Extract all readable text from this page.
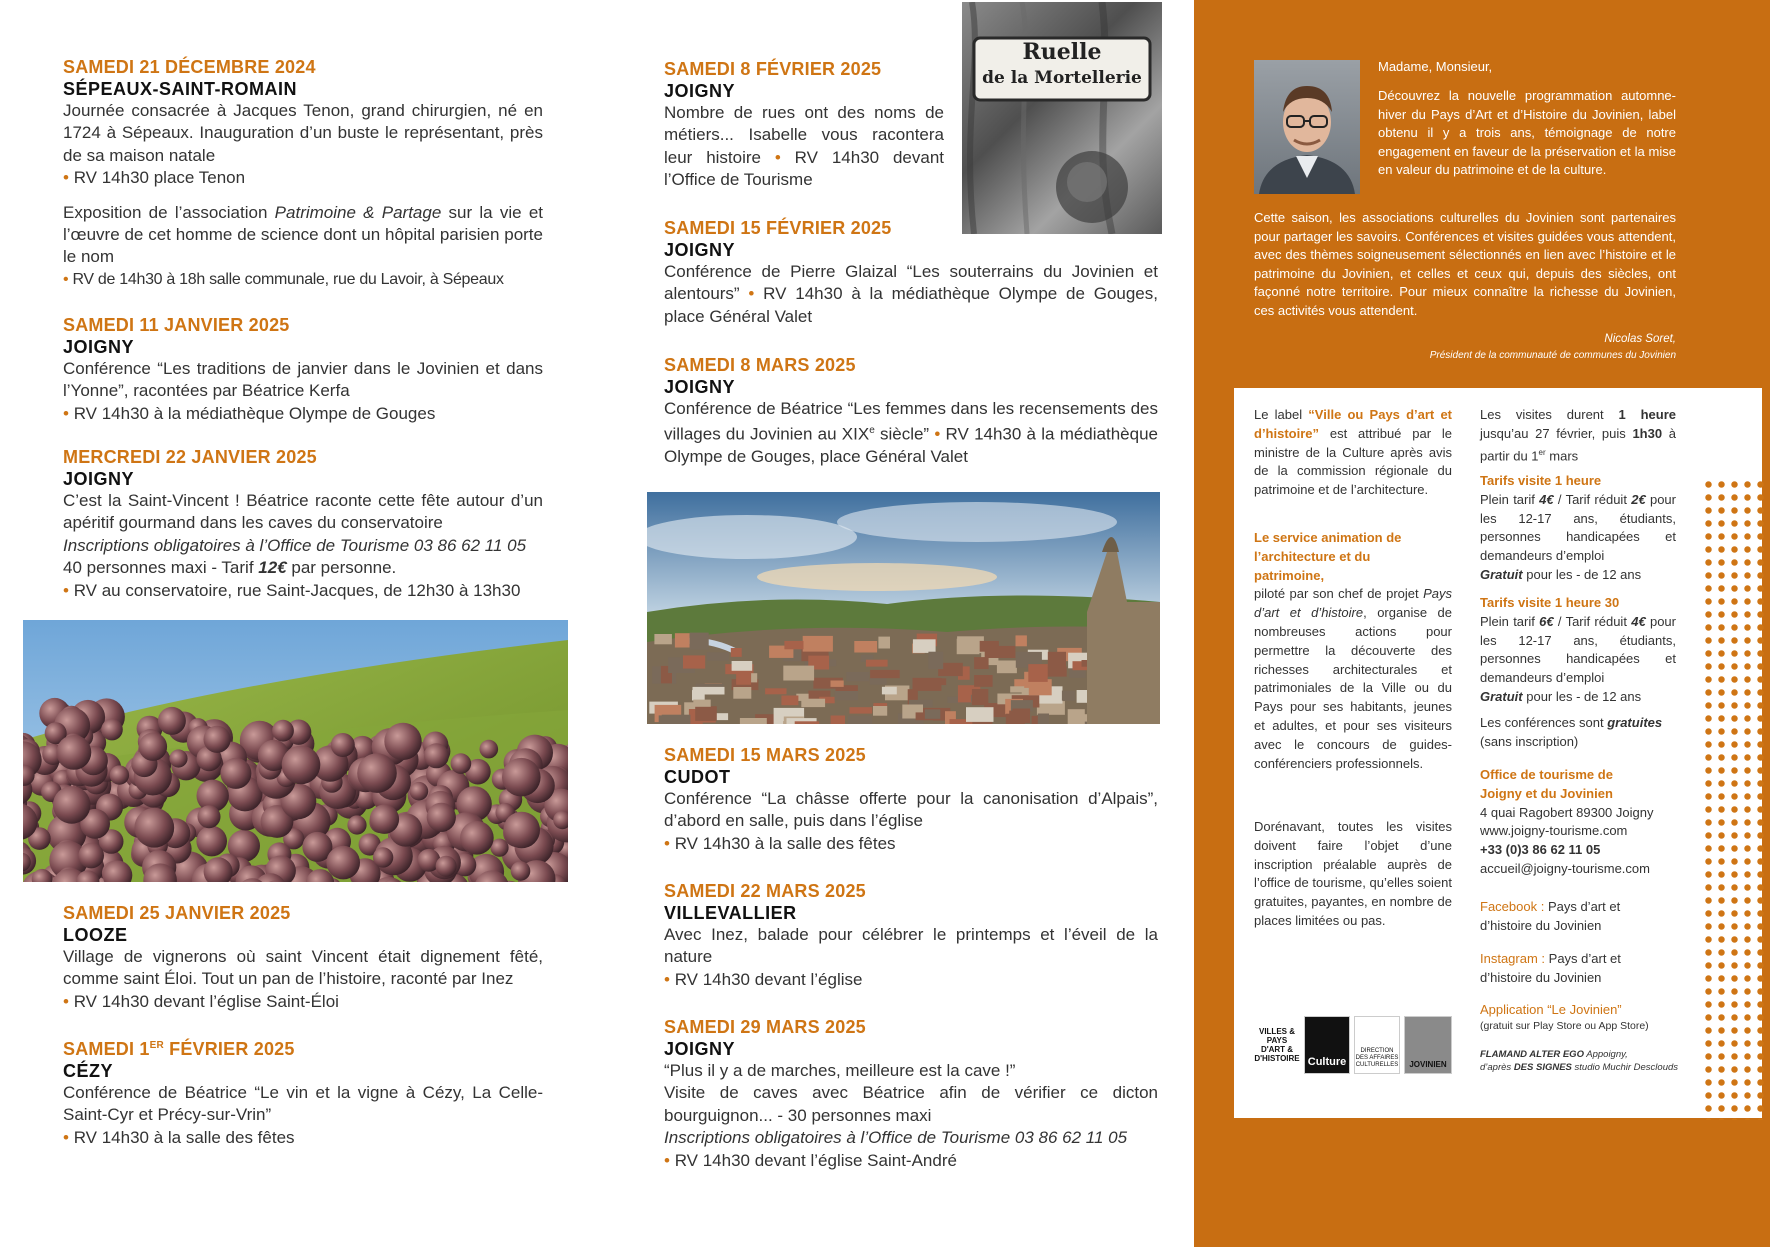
SAMEDI 21 DÉCEMBRE 2024
SÉPEAUX-SAINT-ROMAIN
Journée consacrée à Jacques Tenon, grand chirurgien, né en 1724 à Sépeaux. Inauguration d’un buste le représentant, près de sa maison natale
• RV 14h30 place Tenon
Exposition de l’association Patrimoine & Partage sur la vie et l’œuvre de cet homme de science dont un hôpital parisien porte le nom
• RV de 14h30 à 18h salle communale, rue du Lavoir, à Sépeaux
SAMEDI 11 JANVIER 2025
JOIGNY
Conférence “Les traditions de janvier dans le Jovinien et dans l’Yonne”, racontées par Béatrice Kerfa
• RV 14h30 à la médiathèque Olympe de Gouges
MERCREDI 22 JANVIER 2025
JOIGNY
C’est la Saint-Vincent ! Béatrice raconte cette fête autour d’un apéritif gourmand dans les caves du conservatoire
Inscriptions obligatoires à l’Office de Tourisme 03 86 62 11 05
40 personnes maxi - Tarif 12€ par personne.
• RV au conservatoire, rue Saint-Jacques, de 12h30 à 13h30
SAMEDI 25 JANVIER 2025
LOOZE
Village de vignerons où saint Vincent était dignement fêté, comme saint Éloi. Tout un pan de l’histoire, raconté par Inez
• RV 14h30 devant l’église Saint-Éloi
SAMEDI 1ER FÉVRIER 2025
CÉZY
Conférence de Béatrice “Le vin et la vigne à Cézy, La Celle-Saint-Cyr et Précy-sur-Vrin”
• RV 14h30 à la salle des fêtes
Ruelle
de la Mortellerie
SAMEDI 8 FÉVRIER 2025
JOIGNY
Nombre de rues ont des noms de métiers... Isabelle vous racontera leur histoire • RV 14h30 devant l’Office de Tourisme
SAMEDI 15 FÉVRIER 2025
JOIGNY
Conférence de Pierre Glaizal “Les souterrains du Jovinien et alentours” • RV 14h30 à la médiathèque Olympe de Gouges, place Général Valet
SAMEDI 8 MARS 2025
JOIGNY
Conférence de Béatrice “Les femmes dans les recensements des villages du Jovinien au XIXe siècle” • RV 14h30 à la médiathèque Olympe de Gouges, place Général Valet
SAMEDI 15 MARS 2025
CUDOT
Conférence “La châsse offerte pour la canonisation d’Alpais”, d’abord en salle, puis dans l’église
• RV 14h30 à la salle des fêtes
SAMEDI 22 MARS 2025
VILLEVALLIER
Avec Inez, balade pour célébrer le printemps et l’éveil de la nature
• RV 14h30 devant l’église
SAMEDI 29 MARS 2025
JOIGNY
“Plus il y a de marches, meilleure est la cave !”
Visite de caves avec Béatrice afin de vérifier ce dicton bourguignon... - 30 personnes maxi
Inscriptions obligatoires à l’Office de Tourisme 03 86 62 11 05
• RV 14h30 devant l’église Saint-André
Madame, Monsieur,
Découvrez la nouvelle programmation automne-hiver du Pays d’Art et d’Histoire du Jovinien, label obtenu il y a trois ans, témoignage de notre engagement en faveur de la préservation et la mise en valeur du patrimoine et de la culture.
Cette saison, les associations culturelles du Jovinien sont partenaires pour partager les savoirs. Conférences et visites guidées vous attendent, avec des thèmes soigneusement sélectionnés en lien avec l’histoire et le patrimoine du Jovinien, et celles et ceux qui, depuis des siècles, ont façonné notre territoire. Pour mieux connaître la richesse du Jovinien, ces activités vous attendent.
Nicolas Soret,
Président de la communauté de communes du Jovinien
Le label “Ville ou Pays d’art et d’histoire” est attribué par le ministre de la Culture après avis de la commission régionale du patrimoine et de l’architecture.
Le service animation de l’architecture et du patrimoine,
piloté par son chef de projet Pays d’art et d’histoire, organise de nombreuses actions pour permettre la découverte des richesses architecturales et patrimoniales de la Ville ou du Pays pour ses habitants, jeunes et adultes, et pour ses visiteurs avec le concours de guides-conférenciers professionnels.
Dorénavant, toutes les visites doivent faire l’objet d’une inscription préalable auprès de l’office de tourisme, qu’elles soient gratuites, payantes, en nombre de places limitées ou pas.
VILLES & PAYS D'ART & D'HISTOIRE Culture
DIRECTION DES AFFAIRES CULTURELLES	JOVINIEN
Les visites durent 1 heure jusqu’au 27 février, puis 1h30 à partir du 1er mars
Tarifs visite 1 heure
Plein tarif 4€ / Tarif réduit 2€ pour les 12-17 ans, étudiants, personnes handicapées et demandeurs d’emploi
Gratuit pour les - de 12 ans
Tarifs visite 1 heure 30
Plein tarif 6€ / Tarif réduit 4€ pour les 12-17 ans, étudiants, personnes handicapées et demandeurs d’emploi
Gratuit pour les - de 12 ans
Les conférences sont gratuites
(sans inscription)
Office de tourisme de Joigny et du Jovinien
4 quai Ragobert 89300 Joigny
www.joigny-tourisme.com
+33 (0)3 86 62 11 05
accueil@joigny-tourisme.com
Facebook : Pays d’art et d’histoire du Jovinien
Instagram : Pays d’art et d’histoire du Jovinien
Application “Le Jovinien”
(gratuit sur Play Store ou App Store)
FLAMAND ALTER EGO Appoigny,
d’après DES SIGNES studio Muchir Desclouds
